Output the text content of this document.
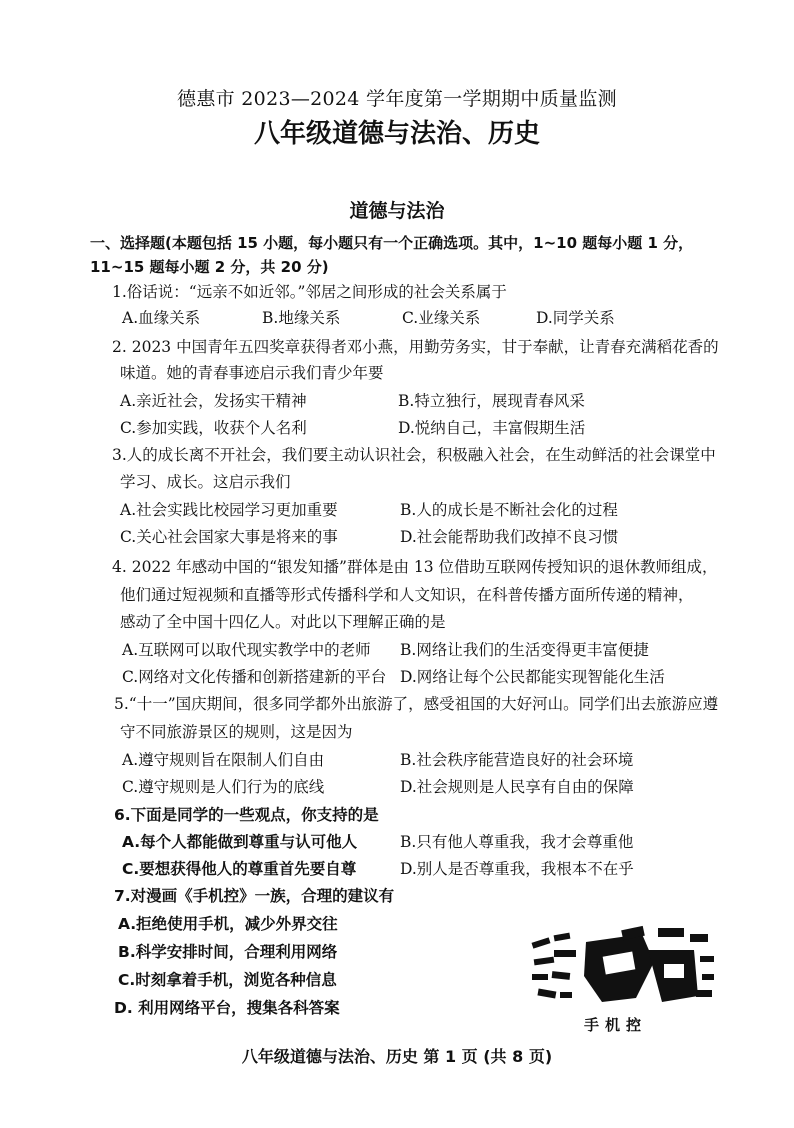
德惠市 2023—2024 学年度第一学期期中质量监测
八年级道德与法治、历史
道德与法治
一、选择题(本题包括 15 小题，每小题只有一个正确选项。其中，1~10 题每小题 1 分，
11~15 题每小题 2 分，共 20 分)
1.俗话说：“远亲不如近邻。”邻居之间形成的社会关系属于
A.血缘关系	B.地缘关系	C.业缘关系	D.同学关系
2. 2023 中国青年五四奖章获得者邓小燕，用勤劳务实，甘于奉献，让青春充满稻花香的
味道。她的青春事迹启示我们青少年要
A.亲近社会，发扬实干精神	B.特立独行，展现青春风采
C.参加实践，收获个人名利	D.悦纳自己，丰富假期生活
3.人的成长离不开社会，我们要主动认识社会，积极融入社会，在生动鲜活的社会课堂中
学习、成长。这启示我们
A.社会实践比校园学习更加重要	B.人的成长是不断社会化的过程
C.关心社会国家大事是将来的事	D.社会能帮助我们改掉不良习惯
4. 2022 年感动中国的“银发知播”群体是由 13 位借助互联网传授知识的退休教师组成，
他们通过短视频和直播等形式传播科学和人文知识，在科普传播方面所传递的精神，
感动了全中国十四亿人。对此以下理解正确的是
A.互联网可以取代现实教学中的老师 B.网络让我们的生活变得更丰富便捷
C.网络对文化传播和创新搭建新的平台 D.网络让每个公民都能实现智能化生活
5.“十一”国庆期间，很多同学都外出旅游了，感受祖国的大好河山。同学们出去旅游应遵
守不同旅游景区的规则，这是因为
A.遵守规则旨在限制人们自由	B.社会秩序能营造良好的社会环境
C.遵守规则是人们行为的底线	D.社会规则是人民享有自由的保障
6.下面是同学的一些观点，你支持的是
A.每个人都能做到尊重与认可他人	B.只有他人尊重我，我才会尊重他
C.要想获得他人的尊重首先要自尊	D.别人是否尊重我，我根本不在乎
7.对漫画《手机控》一族，合理的建议有
A.拒绝使用手机，减少外界交往
B.科学安排时间，合理利用网络
C.时刻拿着手机，浏览各种信息
D. 利用网络平台，搜集各科答案
手机控
八年级道德与法治、历史 第 1 页 (共 8 页)
